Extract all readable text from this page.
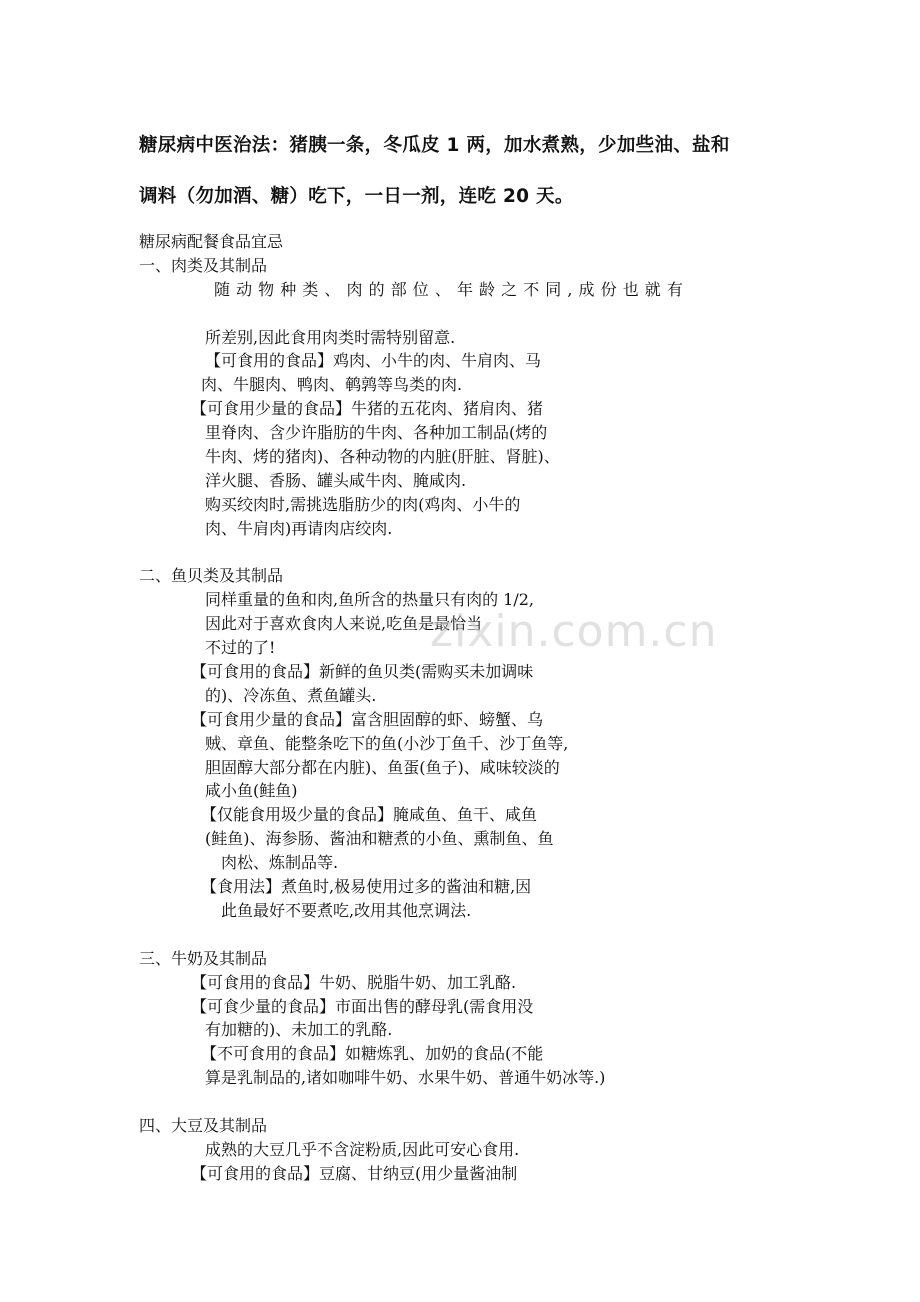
糖尿病中医治法：猪胰一条，冬瓜皮 1 两，加水煮熟，少加些油、盐和
调料（勿加酒、糖）吃下，一日一剂，连吃 20 天。
糖尿病配餐食品宜忌
一、肉类及其制品
随 动 物 种 类 、 肉 的 部 位 、 年 龄 之 不 同 , 成 份 也 就 有
所差别,因此食用肉类时需特别留意.
【可食用的食品】鸡肉、小牛的肉、牛肩肉、马
肉、牛腿肉、鸭肉、鹌鹑等鸟类的肉.
【可食用少量的食品】牛猪的五花肉、猪肩肉、猪
里脊肉、含少许脂肪的牛肉、各种加工制品(烤的
牛肉、烤的猪肉)、各种动物的内脏(肝脏、肾脏)、
洋火腿、香肠、罐头咸牛肉、腌咸肉.
购买绞肉时,需挑选脂肪少的肉(鸡肉、小牛的
肉、牛肩肉)再请肉店绞肉.
二、鱼贝类及其制品
同样重量的鱼和肉,鱼所含的热量只有肉的 1/2,
因此对于喜欢食肉人来说,吃鱼是最恰当
不过的了!
【可食用的食品】新鲜的鱼贝类(需购买未加调味
的)、冷冻鱼、煮鱼罐头.
【可食用少量的食品】富含胆固醇的虾、螃蟹、乌
贼、章鱼、能整条吃下的鱼(小沙丁鱼千、沙丁鱼等,
胆固醇大部分都在内脏)、鱼蛋(鱼子)、咸味较淡的
咸小鱼(鲑鱼)
【仅能食用圾少量的食品】腌咸鱼、鱼干、咸鱼
(鲑鱼)、海参肠、酱油和糖煮的小鱼、熏制鱼、鱼
肉松、炼制品等.
【食用法】煮鱼时,极易使用过多的酱油和糖,因
此鱼最好不要煮吃,改用其他烹调法.
三、牛奶及其制品
【可食用的食品】牛奶、脱脂牛奶、加工乳酪.
【可食少量的食品】市面出售的酵母乳(需食用没
有加糖的)、未加工的乳酪.
【不可食用的食品】如糖炼乳、加奶的食品(不能
算是乳制品的,诸如咖啡牛奶、水果牛奶、普通牛奶冰等.)
四、大豆及其制品
成熟的大豆几乎不含淀粉质,因此可安心食用.
【可食用的食品】豆腐、甘纳豆(用少量酱油制
zixin.com.cn
